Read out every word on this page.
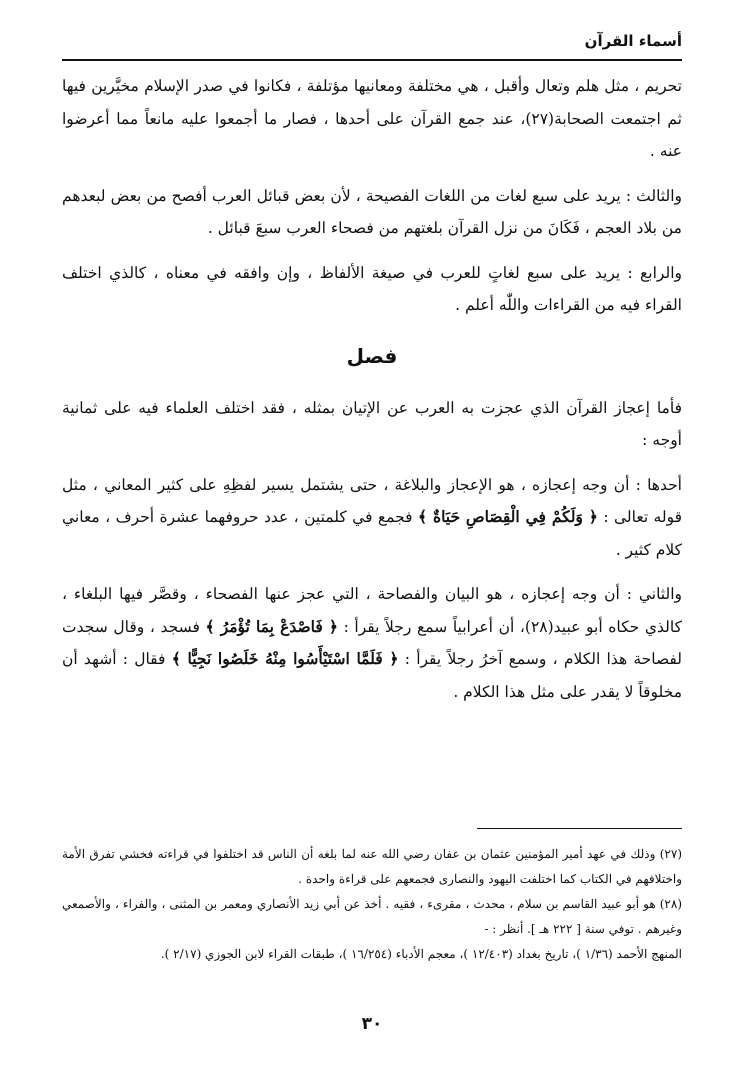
أسماء القرآن

تحريم ، مثل هلم وتعال وأقبل ، هي مختلفة ومعانيها مؤتلفة ، فكانوا في صدر الإسلام مخيَّرين فيها ثم اجتمعت الصحابة(٢٧)، عند جمع القرآن على أحدها ، فصار ما أجمعوا عليه مانعاً مما أعرضوا عنه .

والثالث : يريد على سبع لغات من اللغات الفصيحة ، لأن بعض قبائل العرب أفصح من بعض لبعدهم من بلاد العجم ، فَكَانَ من نزل القرآن بلغتهم من فصحاء العرب سبعَ قبائل .

والرابع : يريد على سبع لغاتٍ للعرب في صيغة الألفاظ ، وإن وافقه في معناه ، كالذي اختلف القراء فيه من القراءات واللّٰه أعلم .

فصل

فأما إعجاز القرآن الذي عجزت به العرب عن الإتيان بمثله ، فقد اختلف العلماء فيه على ثمانية أوجه :

أحدها : أن وجه إعجازه ، هو الإعجاز والبلاغة ، حتى يشتمل يسير لفظِهِ على كثير المعاني ، مثل قوله تعالى : ﴿ وَلَكُمْ فِي الْقِصَاصِ حَيَاةٌ ﴾ فجمع في كلمتين ، عدد حروفهما عشرة أحرف ، معاني كلام كثير .

والثاني : أن وجه إعجازه ، هو البيان والفصاحة ، التي عجز عنها الفصحاء ، وقصَّر فيها البلغاء ، كالذي حكاه أبو عبيد(٢٨)، أن أعرابياً سمع رجلاً يقرأ : ﴿ فَاصْدَعْ بِمَا تُؤْمَرُ ﴾ فسجد ، وقال سجدت لفصاحة هذا الكلام ، وسمع آخرُ رجلاً يقرأ : ﴿ فَلَمَّا اسْتَيْأَسُوا مِنْهُ خَلَصُوا نَجِيًّا ﴾ فقال : أشهد أن مخلوقاً لا يقدر على مثل هذا الكلام .

(٢٧) وذلك في عهد أمير المؤمنين عثمان بن عفان رضي الله عنه لما بلغه أن الناس قد اختلفوا في قراءته فخشي تفرق الأمة واختلافهم في الكتاب كما اختلفت اليهود والنصارى فجمعهم على قراءة واحدة .

(٢٨) هو أبو عبيد القاسم بن سلام ، محدث ، مقرىء ، فقيه . أخذ عن أبي زيد الأنصاري ومعمر بن المثنى ، والفراء ، والأصمعي وغيرهم . توفي سنة [ ٢٢٢ هـ ]. أنظر : -

المنهج الأحمد (١/٣٦ )، تاريخ بغداد (١٢/٤٠٣ )، معجم الأدباء (١٦/٢٥٤ )، طبقات القراء لابن الجوزي (٢/١٧ ).

٣٠
